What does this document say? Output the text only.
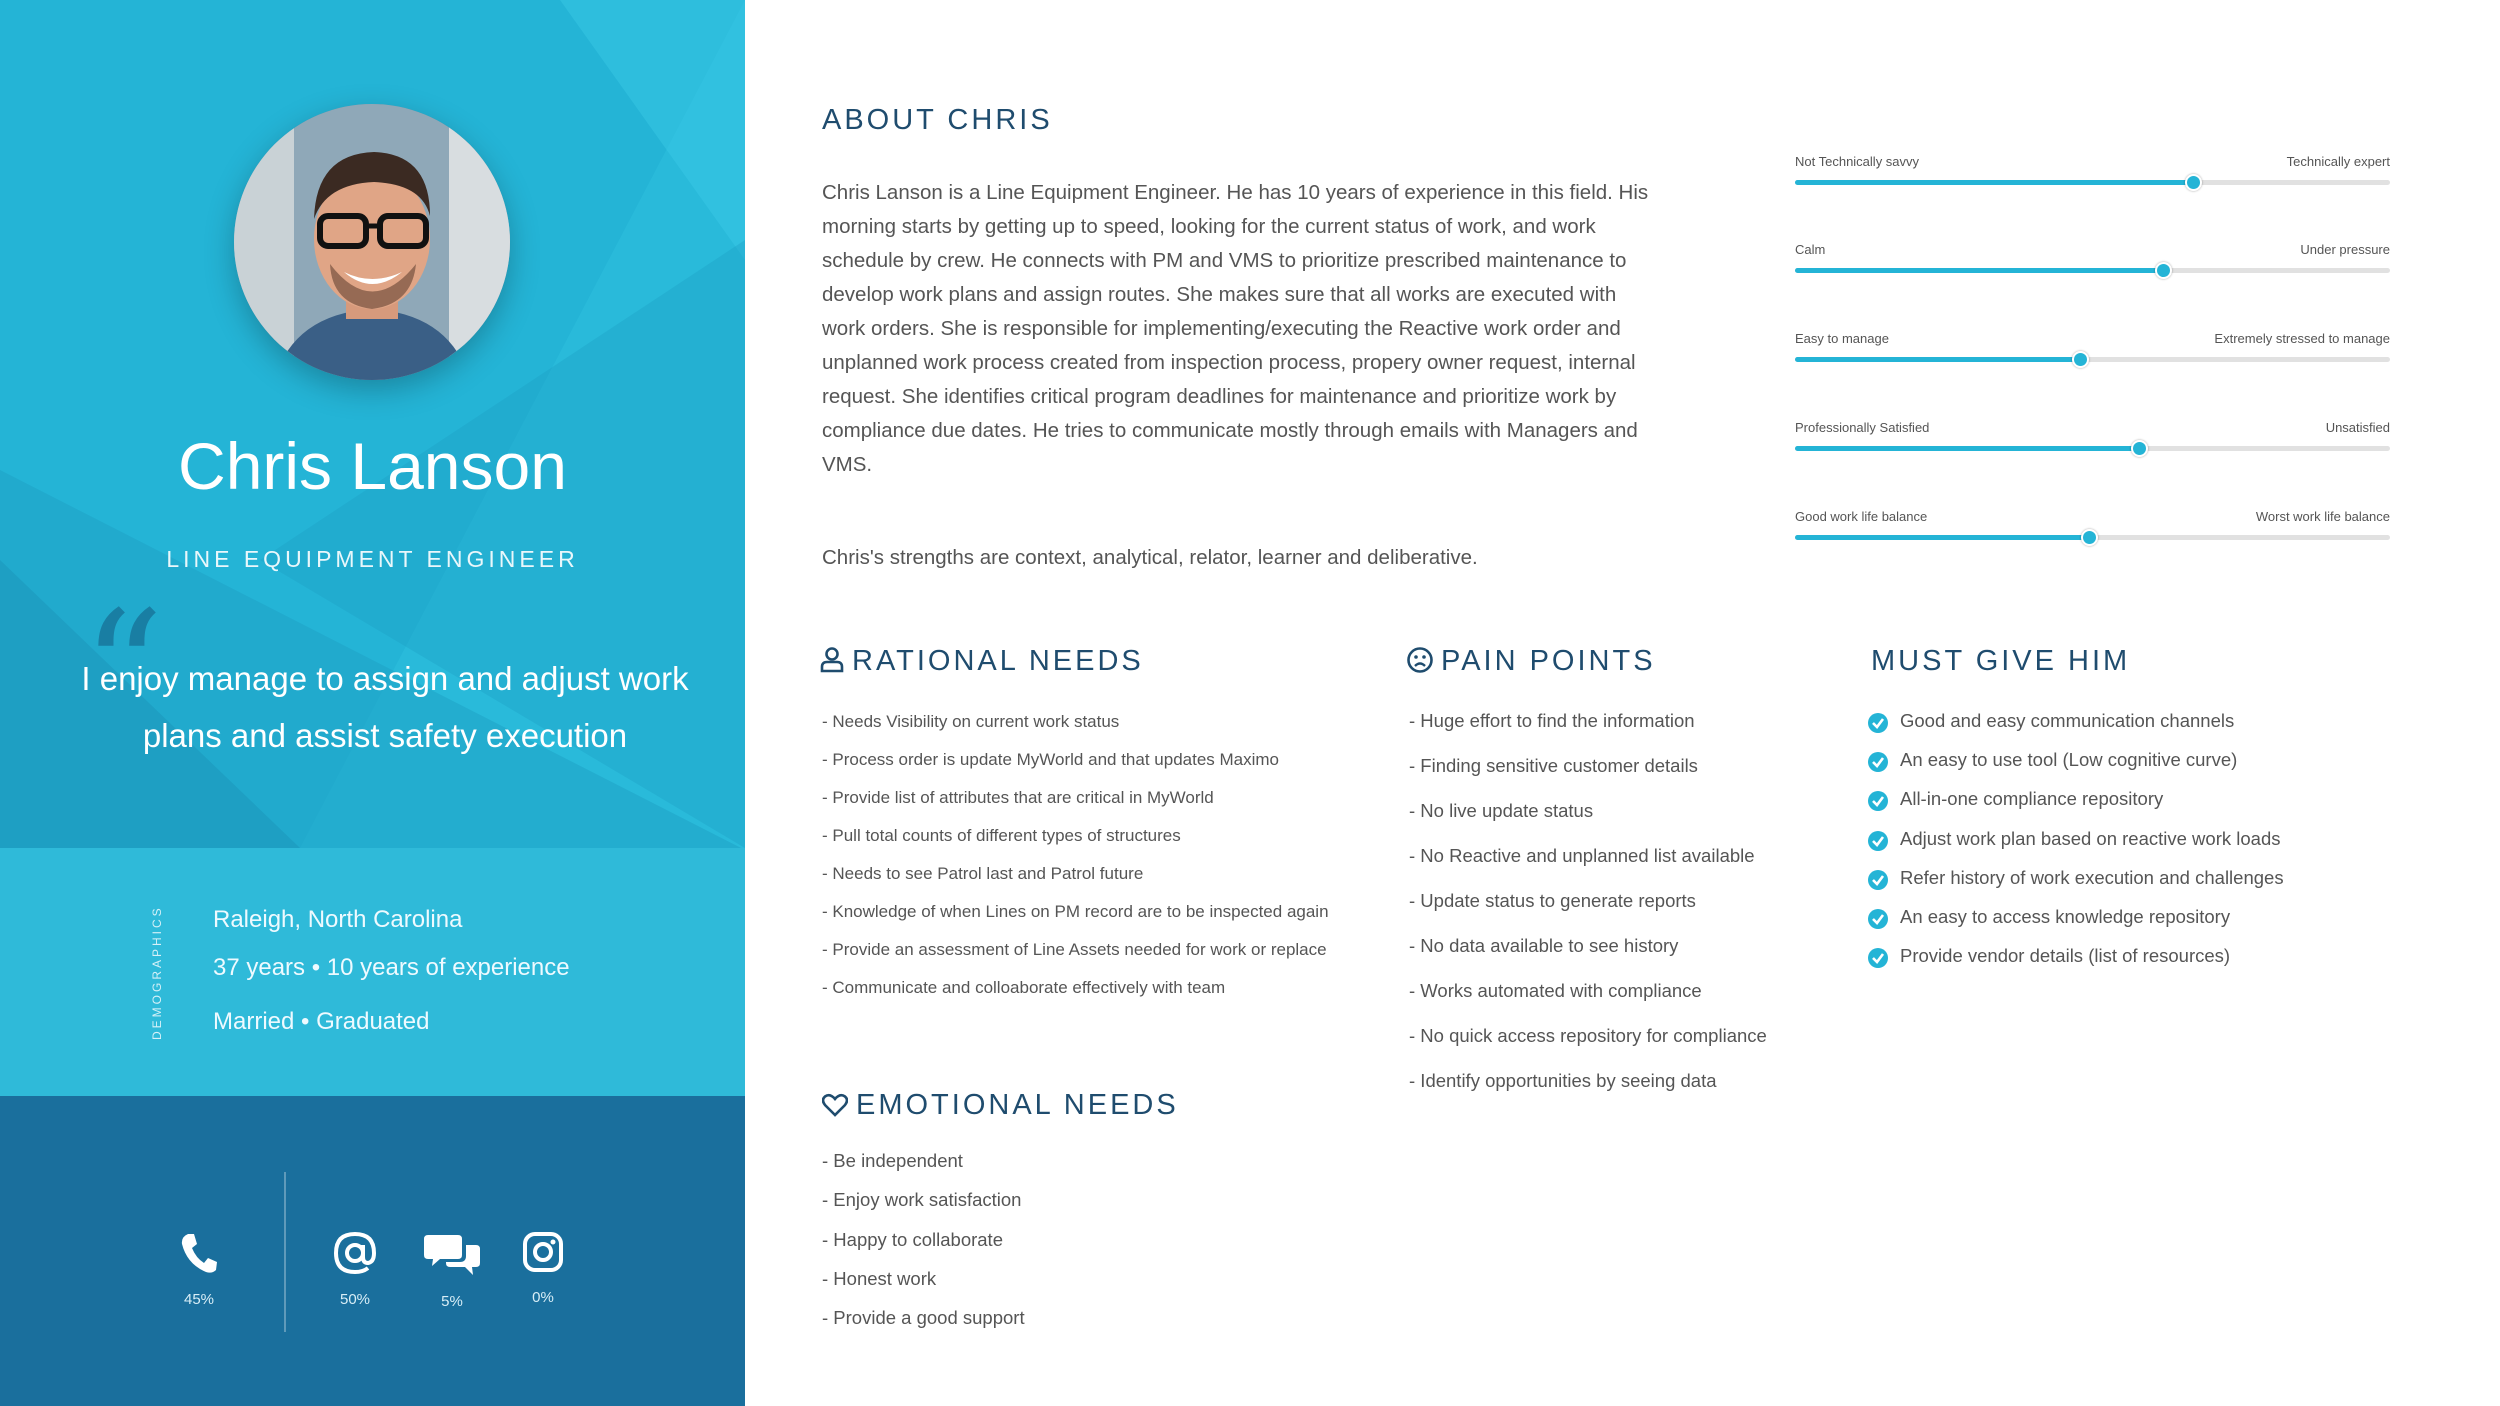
Chris Lanson
LINE EQUIPMENT ENGINEER
“
I enjoy manage to assign and adjust work plans and assist safety execution
DEMOGRAPHICS Raleigh, North Carolina
37 years • 10 years of experience
Married • Graduated
45%	50%	5%	0%
ABOUT CHRIS
Chris Lanson is a Line Equipment Engineer. He has 10 years of experience in this field. His morning starts by getting up to speed, looking for the current status of work, and work schedule by crew. He connects with PM and VMS to prioritize prescribed maintenance to develop work plans and assign routes. She makes sure that all works are executed with work orders. She is responsible for implementing/executing the Reactive work order and unplanned work process created from inspection process, propery owner request, internal request. She identifies critical program deadlines for maintenance and prioritize work by compliance due dates. He tries to communicate mostly through emails with Managers and VMS.
Chris's strengths are context, analytical, relator, learner and deliberative.
Not Technically savvy	Technically expert
Calm	Under pressure
Easy to manage	Extremely stressed to manage
Professionally Satisfied	Unsatisfied
Good work life balance	Worst work life balance
RATIONAL NEEDS
- Needs Visibility on current work status
- Process order is update MyWorld and that updates Maximo
- Provide list of attributes that are critical in MyWorld
- Pull total counts of different types of structures
- Needs to see Patrol last and Patrol future
- Knowledge of when Lines on PM record are to be inspected again
- Provide an assessment of Line Assets needed for work or replace
- Communicate and colloaborate effectively with team
PAIN POINTS
- Huge effort to find the information
- Finding sensitive customer details
- No live update status
- No Reactive and unplanned list available
- Update status to generate reports
- No data available to see history
- Works automated with compliance
- No quick access repository for compliance
- Identify opportunities by seeing data
MUST GIVE HIM
Good and easy communication channels
An easy to use tool (Low cognitive curve)
All-in-one compliance repository
Adjust work plan based on reactive work loads
Refer history of work execution and challenges
An easy to access knowledge repository
Provide vendor details (list of resources)
EMOTIONAL NEEDS
- Be independent
- Enjoy work satisfaction
- Happy to collaborate
- Honest work
- Provide a good support
